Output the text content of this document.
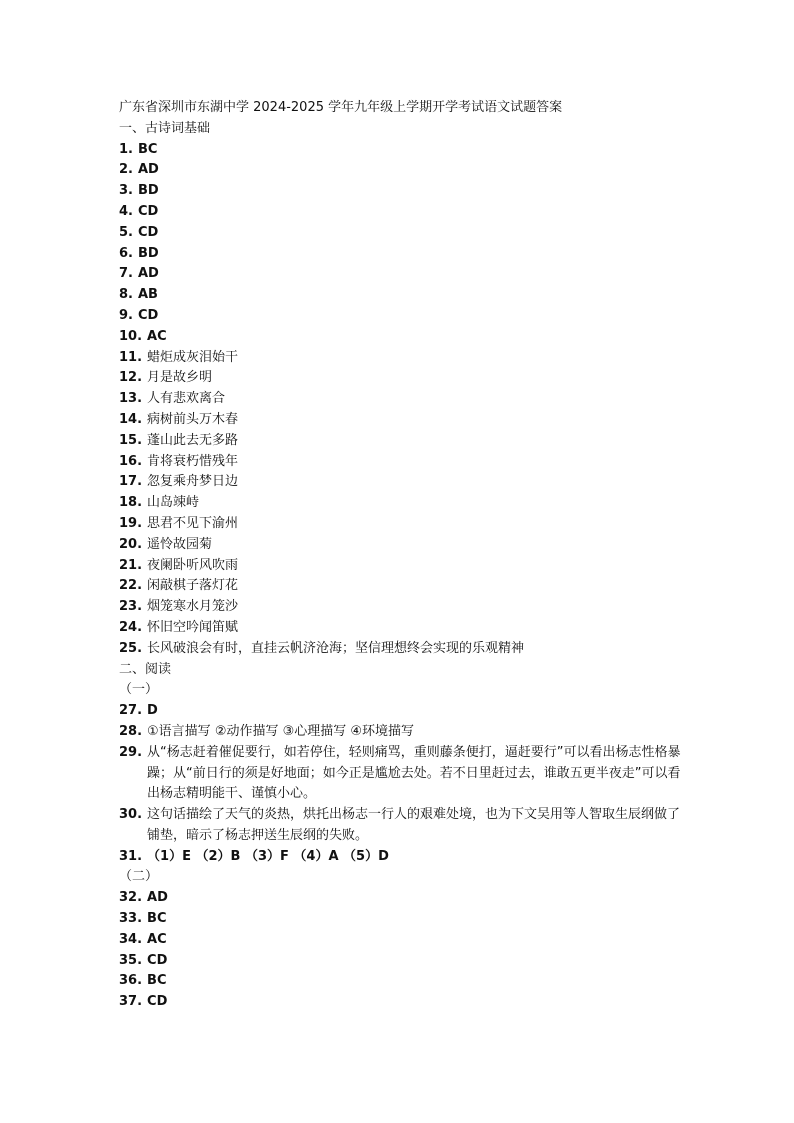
广东省深圳市东湖中学 2024-2025 学年九年级上学期开学考试语文试题答案
一、古诗词基础
1. BC
2. AD
3. BD
4. CD
5. CD
6. BD
7. AD
8. AB
9. CD
10. AC
11. 蜡炬成灰泪始干
12. 月是故乡明
13. 人有悲欢离合
14. 病树前头万木春
15. 蓬山此去无多路
16. 肯将衰朽惜残年
17. 忽复乘舟梦日边
18. 山岛竦峙
19. 思君不见下渝州
20. 遥怜故园菊
21. 夜阑卧听风吹雨
22. 闲敲棋子落灯花
23. 烟笼寒水月笼沙
24. 怀旧空吟闻笛赋
25. 长风破浪会有时，直挂云帆济沧海；坚信理想终会实现的乐观精神
二、阅读
（一）
27. D
28. ①语言描写 ②动作描写 ③心理描写 ④环境描写
29. 从“杨志赶着催促要行，如若停住，轻则痛骂，重则藤条便打，逼赶要行”可以看出杨志性格暴躁；从“前日行的须是好地面；如今正是尴尬去处。若不日里赶过去，谁敢五更半夜走”可以看出杨志精明能干、谨慎小心。
30. 这句话描绘了天气的炎热，烘托出杨志一行人的艰难处境，也为下文吴用等人智取生辰纲做了铺垫，暗示了杨志押送生辰纲的失败。
31. （1）E （2）B （3）F （4）A （5）D
（二）
32. AD
33. BC
34. AC
35. CD
36. BC
37. CD
